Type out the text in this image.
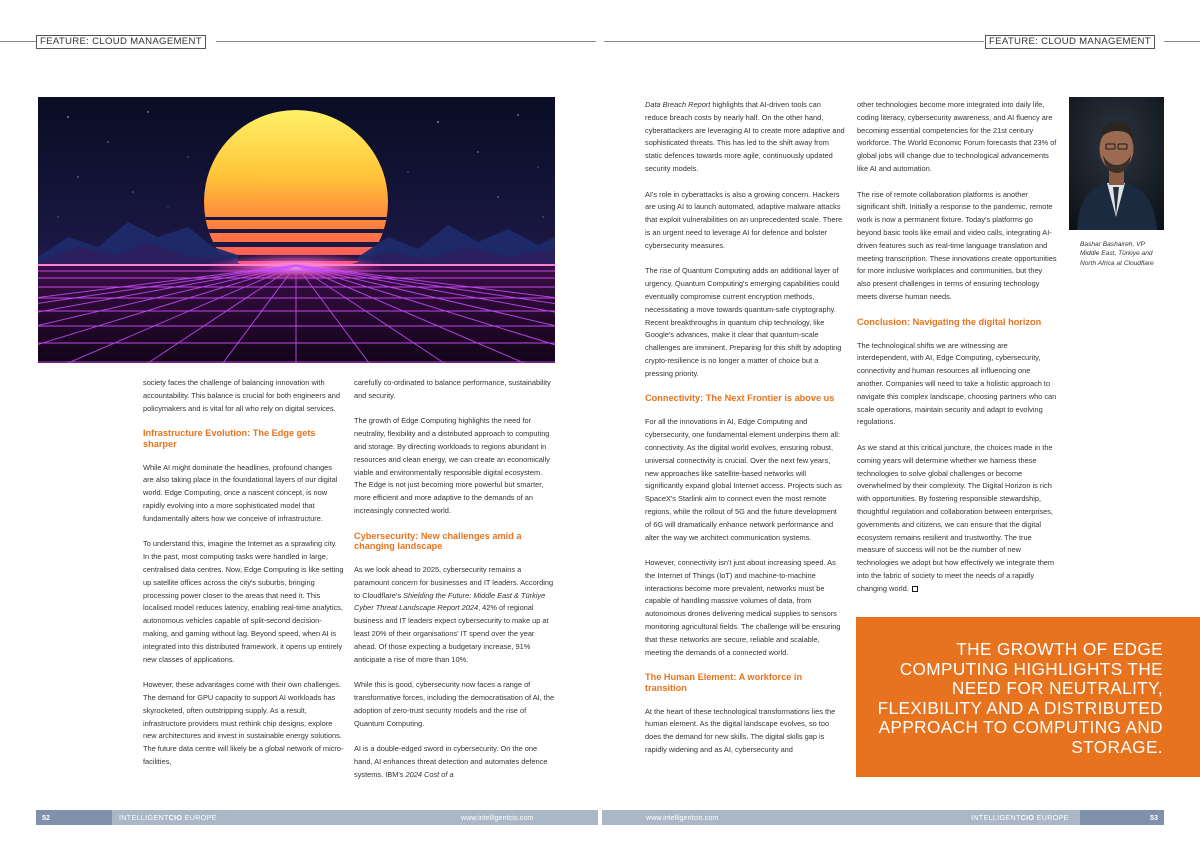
FEATURE: CLOUD MANAGEMENT	FEATURE: CLOUD MANAGEMENT
Bashar Bashaireh, VP
Middle East, Türkiye and
North Africa at Cloudflare

society faces the challenge of balancing innovation with accountability. This balance is crucial for both engineers and policymakers and is vital for all who rely on digital services.

Infrastructure Evolution: The Edge gets sharper

While AI might dominate the headlines, profound changes are also taking place in the foundational layers of our digital world. Edge Computing, once a nascent concept, is now rapidly evolving into a more sophisticated model that fundamentally alters how we conceive of infrastructure.

To understand this, imagine the Internet as a sprawling city. In the past, most computing tasks were handled in large, centralised data centres. Now, Edge Computing is like setting up satellite offices across the city's suburbs, bringing processing power closer to the areas that need it. This localised model reduces latency, enabling real-time analytics, autonomous vehicles capable of split-second decision-making, and gaming without lag. Beyond speed, when AI is integrated into this distributed framework, it opens up entirely new classes of applications.

However, these advantages come with their own challenges. The demand for GPU capacity to support AI workloads has skyrocketed, often outstripping supply. As a result, infrastructure providers must rethink chip designs, explore new architectures and invest in sustainable energy solutions. The future data centre will likely be a global network of micro-facilities,

carefully co-ordinated to balance performance, sustainability and security.

The growth of Edge Computing highlights the need for neutrality, flexibility and a distributed approach to computing and storage. By directing workloads to regions abundant in resources and clean energy, we can create an economically viable and environmentally responsible digital ecosystem. The Edge is not just becoming more powerful but smarter, more efficient and more adaptive to the demands of an increasingly connected world.

Cybersecurity: New challenges amid a changing landscape

As we look ahead to 2025, cybersecurity remains a paramount concern for businesses and IT leaders. According to Cloudflare's Shielding the Future: Middle East & Türkiye Cyber Threat Landscape Report 2024, 42% of regional business and IT leaders expect cybersecurity to make up at least 20% of their organisations' IT spend over the year ahead. Of those expecting a budgetary increase, 91% anticipate a rise of more than 10%.

While this is good, cybersecurity now faces a range of transformative forces, including the democratisation of AI, the adoption of zero-trust security models and the rise of Quantum Computing.

AI is a double-edged sword in cybersecurity. On the one hand, AI enhances threat detection and automates defence systems. IBM's 2024 Cost of a

Data Breach Report highlights that AI-driven tools can reduce breach costs by nearly half. On the other hand, cyberattackers are leveraging AI to create more adaptive and sophisticated threats. This has led to the shift away from static defences towards more agile, continuously updated security models.

AI's role in cyberattacks is also a growing concern. Hackers are using AI to launch automated, adaptive malware attacks that exploit vulnerabilities on an unprecedented scale. There is an urgent need to leverage AI for defence and bolster cybersecurity measures.

The rise of Quantum Computing adds an additional layer of urgency. Quantum Computing's emerging capabilities could eventually compromise current encryption methods, necessitating a move towards quantum-safe cryptography. Recent breakthroughs in quantum chip technology, like Google's advances, make it clear that quantum-scale challenges are imminent. Preparing for this shift by adopting crypto-resilience is no longer a matter of choice but a pressing priority.

Connectivity: The Next Frontier is above us

For all the innovations in AI, Edge Computing and cybersecurity, one fundamental element underpins them all: connectivity. As the digital world evolves, ensuring robust, universal connectivity is crucial. Over the next few years, new approaches like satellite-based networks will significantly expand global Internet access. Projects such as SpaceX's Starlink aim to connect even the most remote regions, while the rollout of 5G and the future development of 6G will dramatically enhance network performance and alter the way we architect communication systems.

However, connectivity isn't just about increasing speed. As the Internet of Things (IoT) and machine-to-machine interactions become more prevalent, networks must be capable of handling massive volumes of data, from autonomous drones delivering medical supplies to sensors monitoring agricultural fields. The challenge will be ensuring that these networks are secure, reliable and scalable, meeting the demands of a connected world.

The Human Element: A workforce in transition

At the heart of these technological transformations lies the human element. As the digital landscape evolves, so too does the demand for new skills. The digital skills gap is rapidly widening and as AI, cybersecurity and

other technologies become more integrated into daily life, coding literacy, cybersecurity awareness, and AI fluency are becoming essential competencies for the 21st century workforce. The World Economic Forum forecasts that 23% of global jobs will change due to technological advancements like AI and automation.

The rise of remote collaboration platforms is another significant shift. Initially a response to the pandemic, remote work is now a permanent fixture. Today's platforms go beyond basic tools like email and video calls, integrating AI-driven features such as real-time language translation and meeting transcription. These innovations create opportunities for more inclusive workplaces and communities, but they also present challenges in terms of ensuring technology meets diverse human needs.

Conclusion: Navigating the digital horizon

The technological shifts we are witnessing are interdependent, with AI, Edge Computing, cybersecurity, connectivity and human resources all influencing one another. Companies will need to take a holistic approach to navigate this complex landscape, choosing partners who can scale operations, maintain security and adapt to evolving regulations.

As we stand at this critical juncture, the choices made in the coming years will determine whether we harness these technologies to solve global challenges or become overwhelmed by their complexity. The Digital Horizon is rich with opportunities. By fostering responsible stewardship, thoughtful regulation and collaboration between enterprises, governments and citizens, we can ensure that the digital ecosystem remains resilient and trustworthy. The true measure of success will not be the number of new technologies we adopt but how effectively we integrate them into the fabric of society to meet the needs of a rapidly changing world.

THE GROWTH OF EDGE COMPUTING HIGHLIGHTS THE NEED FOR NEUTRALITY, FLEXIBILITY AND A DISTRIBUTED APPROACH TO COMPUTING AND STORAGE.
52	INTELLIGENTCIO EUROPE	www.intelligentcio.com	www.intelligentcio.com	INTELLIGENTCIO EUROPE	53
